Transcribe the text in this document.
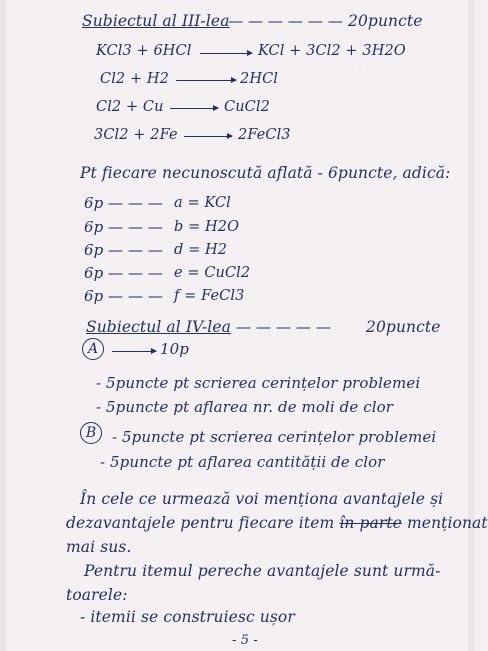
. . . . . . . . . . .
Subiectul al III-lea
— — — — — — 20puncte
KCl3 + 6HCl → KCl + 3Cl2 + 3H2O
Cl2 + H2 → 2HCl
Cl2 + Cu → CuCl2
3Cl2 + 2Fe → 2FeCl3
Pt fiecare necunoscută aflată - 6puncte, adică:
6p — — — a = KCl
6p — — — b = H2O
6p — — — d = H2
6p — — — e = CuCl2
6p — — — f = FeCl3
Subiectul al IV-lea — — — — — 20puncte
A	10p
- 5puncte pt scrierea cerințelor problemei
- 5puncte pt aflarea nr. de moli de clor
B	- 5puncte pt scrierea cerințelor problemei
- 5puncte pt aflarea cantității de clor
În cele ce urmează voi menționa avantajele și
dezavantajele pentru fiecare item în parte menționat
mai sus.
Pentru itemul pereche avantajele sunt urmă-
toarele:
- itemii se construiesc ușor
- 5 -
